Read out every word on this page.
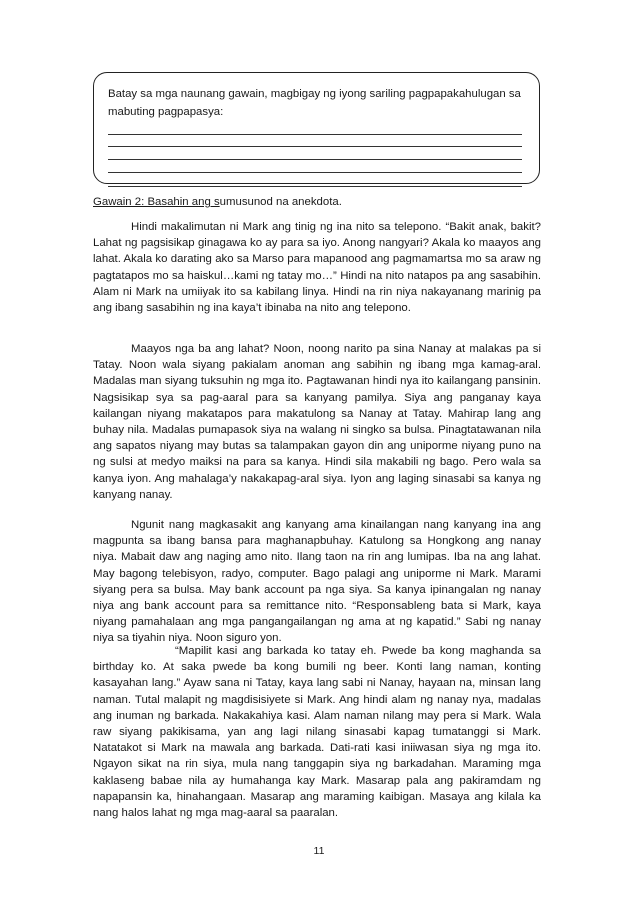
Batay sa mga naunang gawain, magbigay ng iyong sariling pagpapakahulugan sa mabuting pagpapasya:

Gawain 2: Basahin ang sumusunod na anekdota.

Hindi makalimutan ni Mark ang tinig ng ina nito sa telepono. “Bakit anak, bakit? Lahat ng pagsisikap ginagawa ko ay para sa iyo. Anong nangyari? Akala ko maayos ang lahat. Akala ko darating ako sa Marso para mapanood ang pagmamartsa mo sa araw ng pagtatapos mo sa haiskul…kami ng tatay mo…” Hindi na nito natapos pa ang sasabihin. Alam ni Mark na umiiyak ito sa kabilang linya. Hindi na rin niya nakayanang marinig pa ang ibang sasabihin ng ina kaya’t ibinaba na nito ang telepono.

Maayos nga ba ang lahat? Noon, noong narito pa sina Nanay at malakas pa si Tatay. Noon wala siyang pakialam anoman ang sabihin ng ibang mga kamag-aral. Madalas man siyang tuksuhin ng mga ito. Pagtawanan hindi nya ito kailangang pansinin. Nagsisikap sya sa pag-aaral para sa kanyang pamilya. Siya ang panganay kaya kailangan niyang makatapos para makatulong sa Nanay at Tatay. Mahirap lang ang buhay nila. Madalas pumapasok siya na walang ni singko sa bulsa. Pinagtatawanan nila ang sapatos niyang may butas sa talampakan gayon din ang uniporme niyang puno na ng sulsi at medyo maiksi na para sa kanya. Hindi sila makabili ng bago. Pero wala sa kanya iyon. Ang mahalaga’y nakakapag-aral siya. Iyon ang laging sinasabi sa kanya ng kanyang nanay.

Ngunit nang magkasakit ang kanyang ama kinailangan nang kanyang ina ang magpunta sa ibang bansa para maghanapbuhay. Katulong sa Hongkong ang nanay niya. Mabait daw ang naging amo nito. Ilang taon na rin ang lumipas. Iba na ang lahat. May bagong telebisyon, radyo, computer. Bago palagi ang uniporme ni Mark. Marami siyang pera sa bulsa. May bank account pa nga siya. Sa kanya ipinangalan ng nanay niya ang bank account para sa remittance nito. “Responsableng bata si Mark, kaya niyang pamahalaan ang mga pangangailangan ng ama at ng kapatid.” Sabi ng nanay niya sa tiyahin niya. Noon siguro yon.

“Mapilit kasi ang barkada ko tatay eh. Pwede ba kong maghanda sa birthday ko. At saka pwede ba kong bumili ng beer. Konti lang naman, konting kasayahan lang.” Ayaw sana ni Tatay, kaya lang sabi ni Nanay, hayaan na, minsan lang naman. Tutal malapit ng magdisisiyete si Mark. Ang hindi alam ng nanay nya, madalas ang inuman ng barkada. Nakakahiya kasi. Alam naman nilang may pera si Mark. Wala raw siyang pakikisama, yan ang lagi nilang sinasabi kapag tumatanggi si Mark. Natatakot si Mark na mawala ang barkada. Dati-rati kasi iniiwasan siya ng mga ito. Ngayon sikat na rin siya, mula nang tanggapin siya ng barkadahan. Maraming mga kaklaseng babae nila ay humahanga kay Mark. Masarap pala ang pakiramdam ng napapansin ka, hinahangaan. Masarap ang maraming kaibigan. Masaya ang kilala ka nang halos lahat ng mga mag-aaral sa paaralan.

11
